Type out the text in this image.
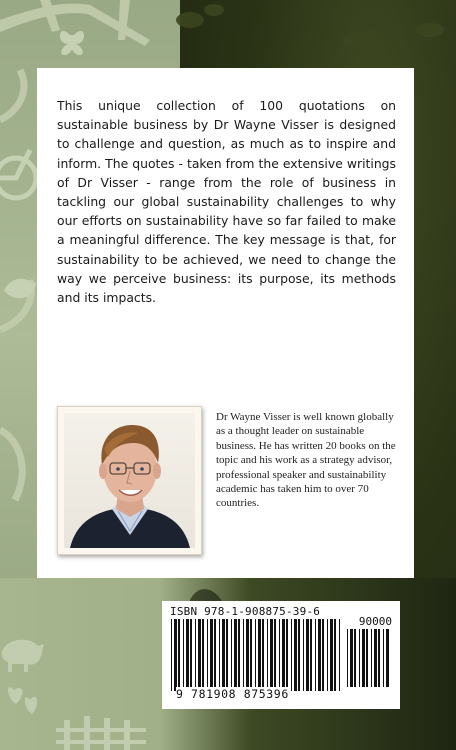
This unique collection of 100 quotations on sustainable business by Dr Wayne Visser is designed to challenge and question, as much as to inspire and inform. The quotes - taken from the extensive writings of Dr Visser - range from the role of business in tackling our global sustainability challenges to why our efforts on sustainability have so far failed to make a meaningful difference. The key message is that, for sustainability to be achieved, we need to change the way we perceive business: its purpose, its methods and its impacts.

Dr Wayne Visser is well known globally as a thought leader on sustainable business. He has written 20 books on the topic and his work as a strategy advisor, professional speaker and sustainability academic has taken him to over 70 countries.

ISBN 978-1-908875-39-6
90000
9 781908 875396
